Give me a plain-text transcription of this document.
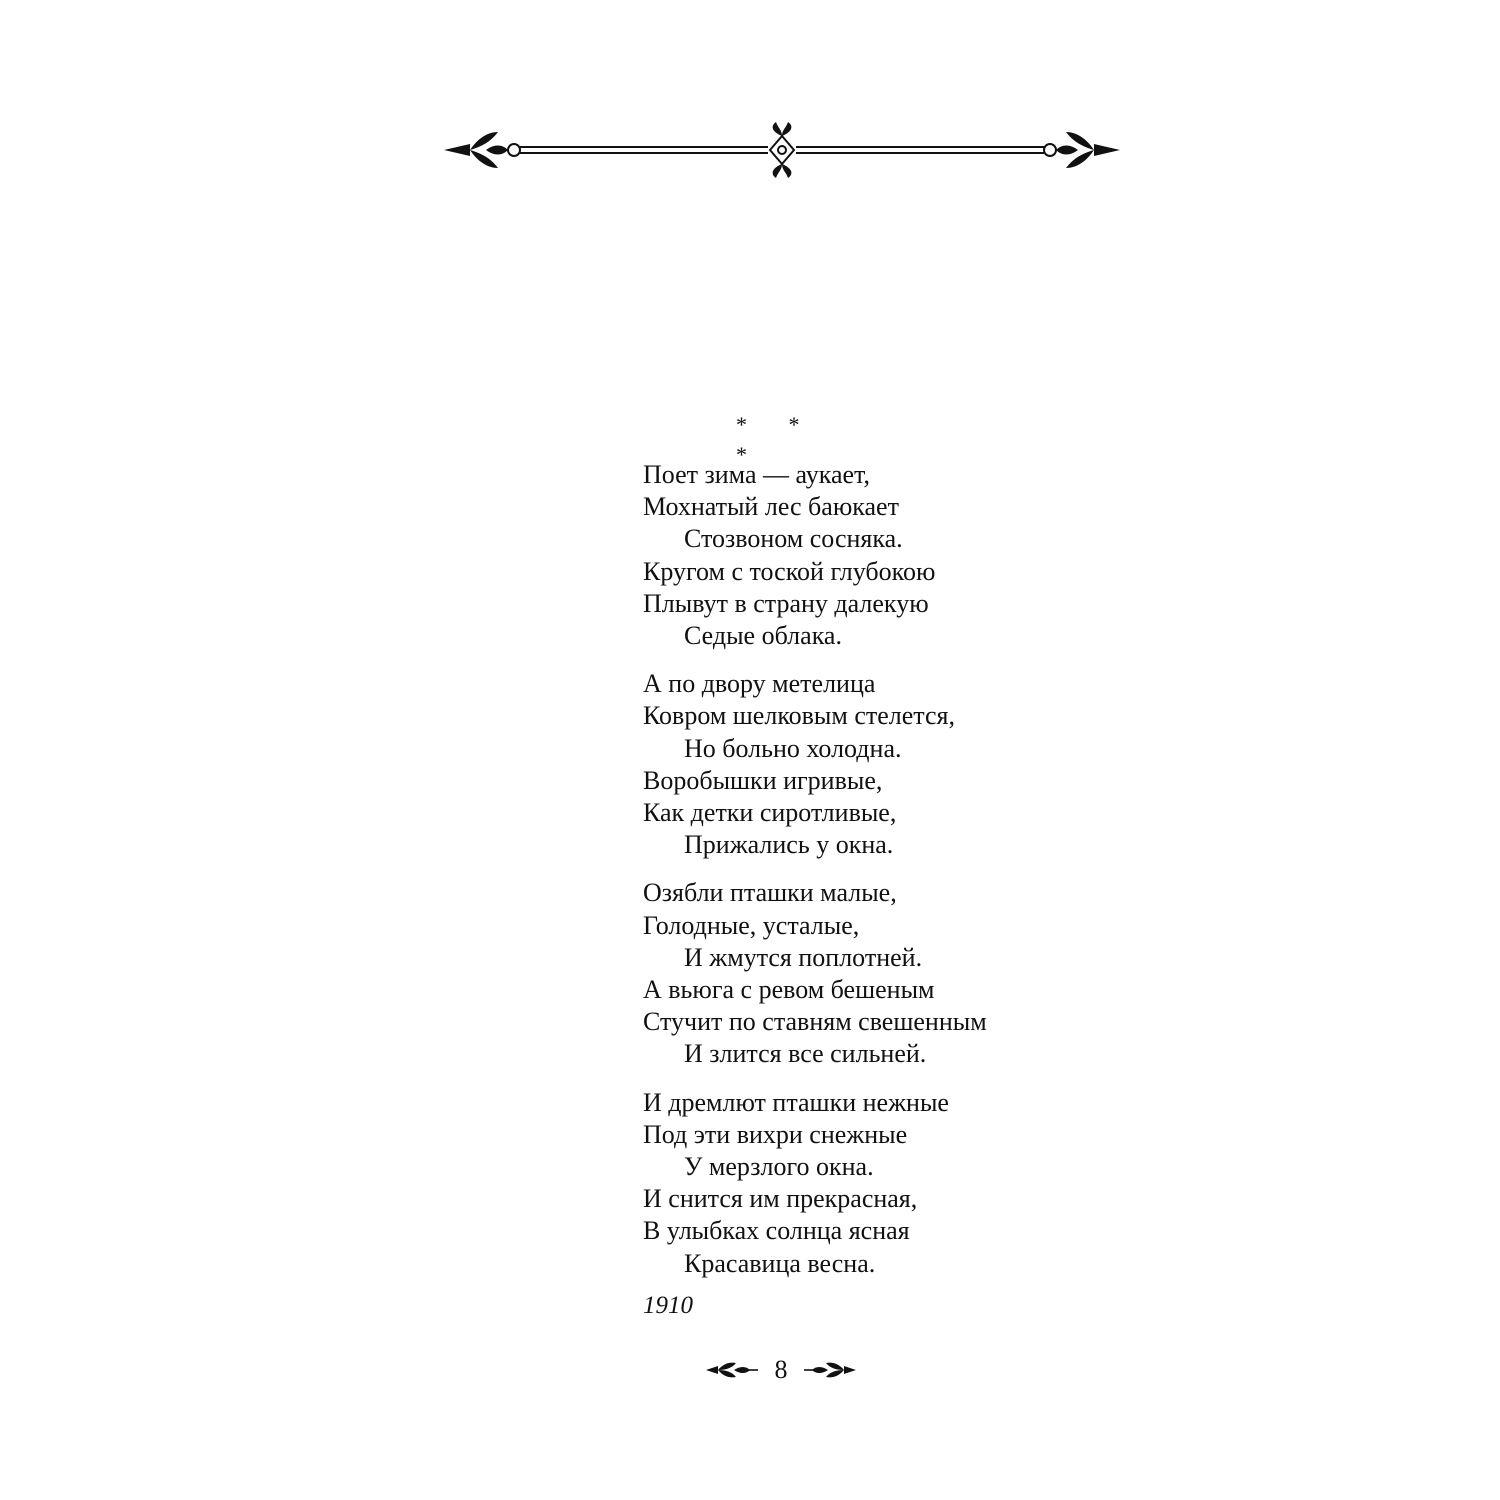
* * *
Поет зима — аукает,
Мохнатый лес баюкает
Стозвоном сосняка.
Кругом с тоской глубокою
Плывут в страну далекую
Седые облака.
А по двору метелица
Ковром шелковым стелется,
Но больно холодна.
Воробышки игривые,
Как детки сиротливые,
Прижались у окна.
Озябли пташки малые,
Голодные, усталые,
И жмутся поплотней.
А вьюга с ревом бешеным
Стучит по ставням свешенным
И злится все сильней.
И дремлют пташки нежные
Под эти вихри снежные
У мерзлого окна.
И снится им прекрасная,
В улыбках солнца ясная
Красавица весна.
1910
8
